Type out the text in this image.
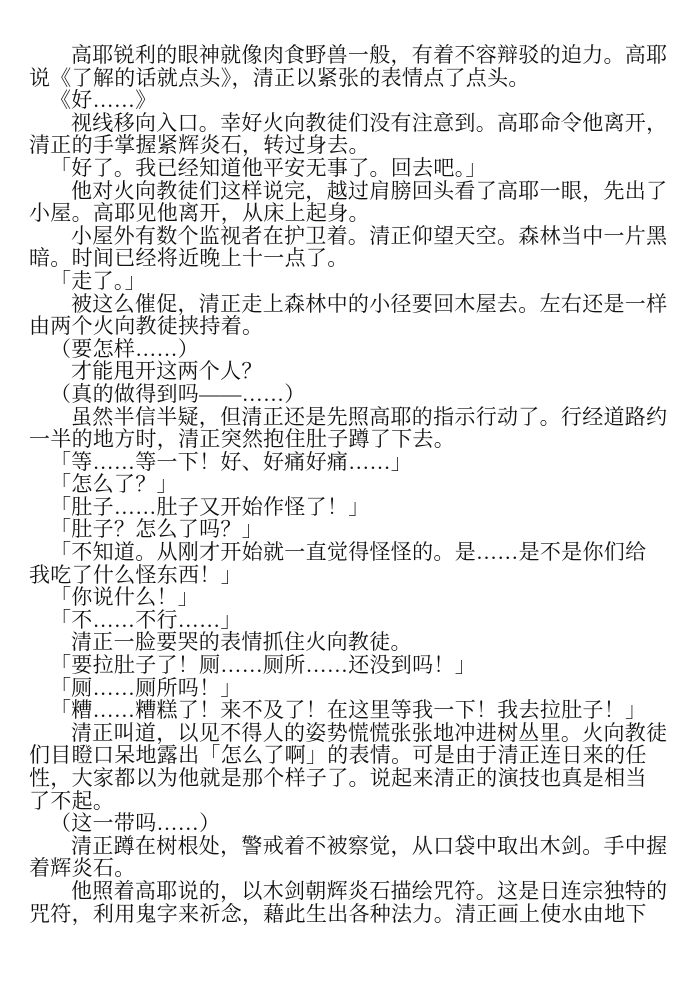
高耶锐利的眼神就像肉食野兽一般，有着不容辩驳的迫力。高耶
说《了解的话就点头》，清正以紧张的表情点了点头。
《好……》
视线移向入口。幸好火向教徒们没有注意到。高耶命令他离开，
清正的手掌握紧辉炎石，转过身去。
「好了。我已经知道他平安无事了。回去吧。」
他对火向教徒们这样说完，越过肩膀回头看了高耶一眼，先出了
小屋。高耶见他离开，从床上起身。
小屋外有数个监视者在护卫着。清正仰望天空。森林当中一片黑
暗。时间已经将近晚上十一点了。
「走了。」
被这么催促，清正走上森林中的小径要回木屋去。左右还是一样
由两个火向教徒挟持着。
（要怎样……）
才能甩开这两个人？
（真的做得到吗——……）
虽然半信半疑，但清正还是先照高耶的指示行动了。行经道路约
一半的地方时，清正突然抱住肚子蹲了下去。
「等……等一下！好、好痛好痛……」
「怎么了？」
「肚子……肚子又开始作怪了！」
「肚子？怎么了吗？」
「不知道。从刚才开始就一直觉得怪怪的。是……是不是你们给
我吃了什么怪东西！」
「你说什么！」
「不……不行……」
清正一脸要哭的表情抓住火向教徒。
「要拉肚子了！厕……厕所……还没到吗！」
「厕……厕所吗！」
「糟……糟糕了！来不及了！在这里等我一下！我去拉肚子！」
清正叫道，以见不得人的姿势慌慌张张地冲进树丛里。火向教徒
们目瞪口呆地露出「怎么了啊」的表情。可是由于清正连日来的任
性，大家都以为他就是那个样子了。说起来清正的演技也真是相当
了不起。
（这一带吗……）
清正蹲在树根处，警戒着不被察觉，从口袋中取出木剑。手中握
着辉炎石。
他照着高耶说的，以木剑朝辉炎石描绘咒符。这是日连宗独特的
咒符，利用鬼字来祈念，藉此生出各种法力。清正画上使水由地下
